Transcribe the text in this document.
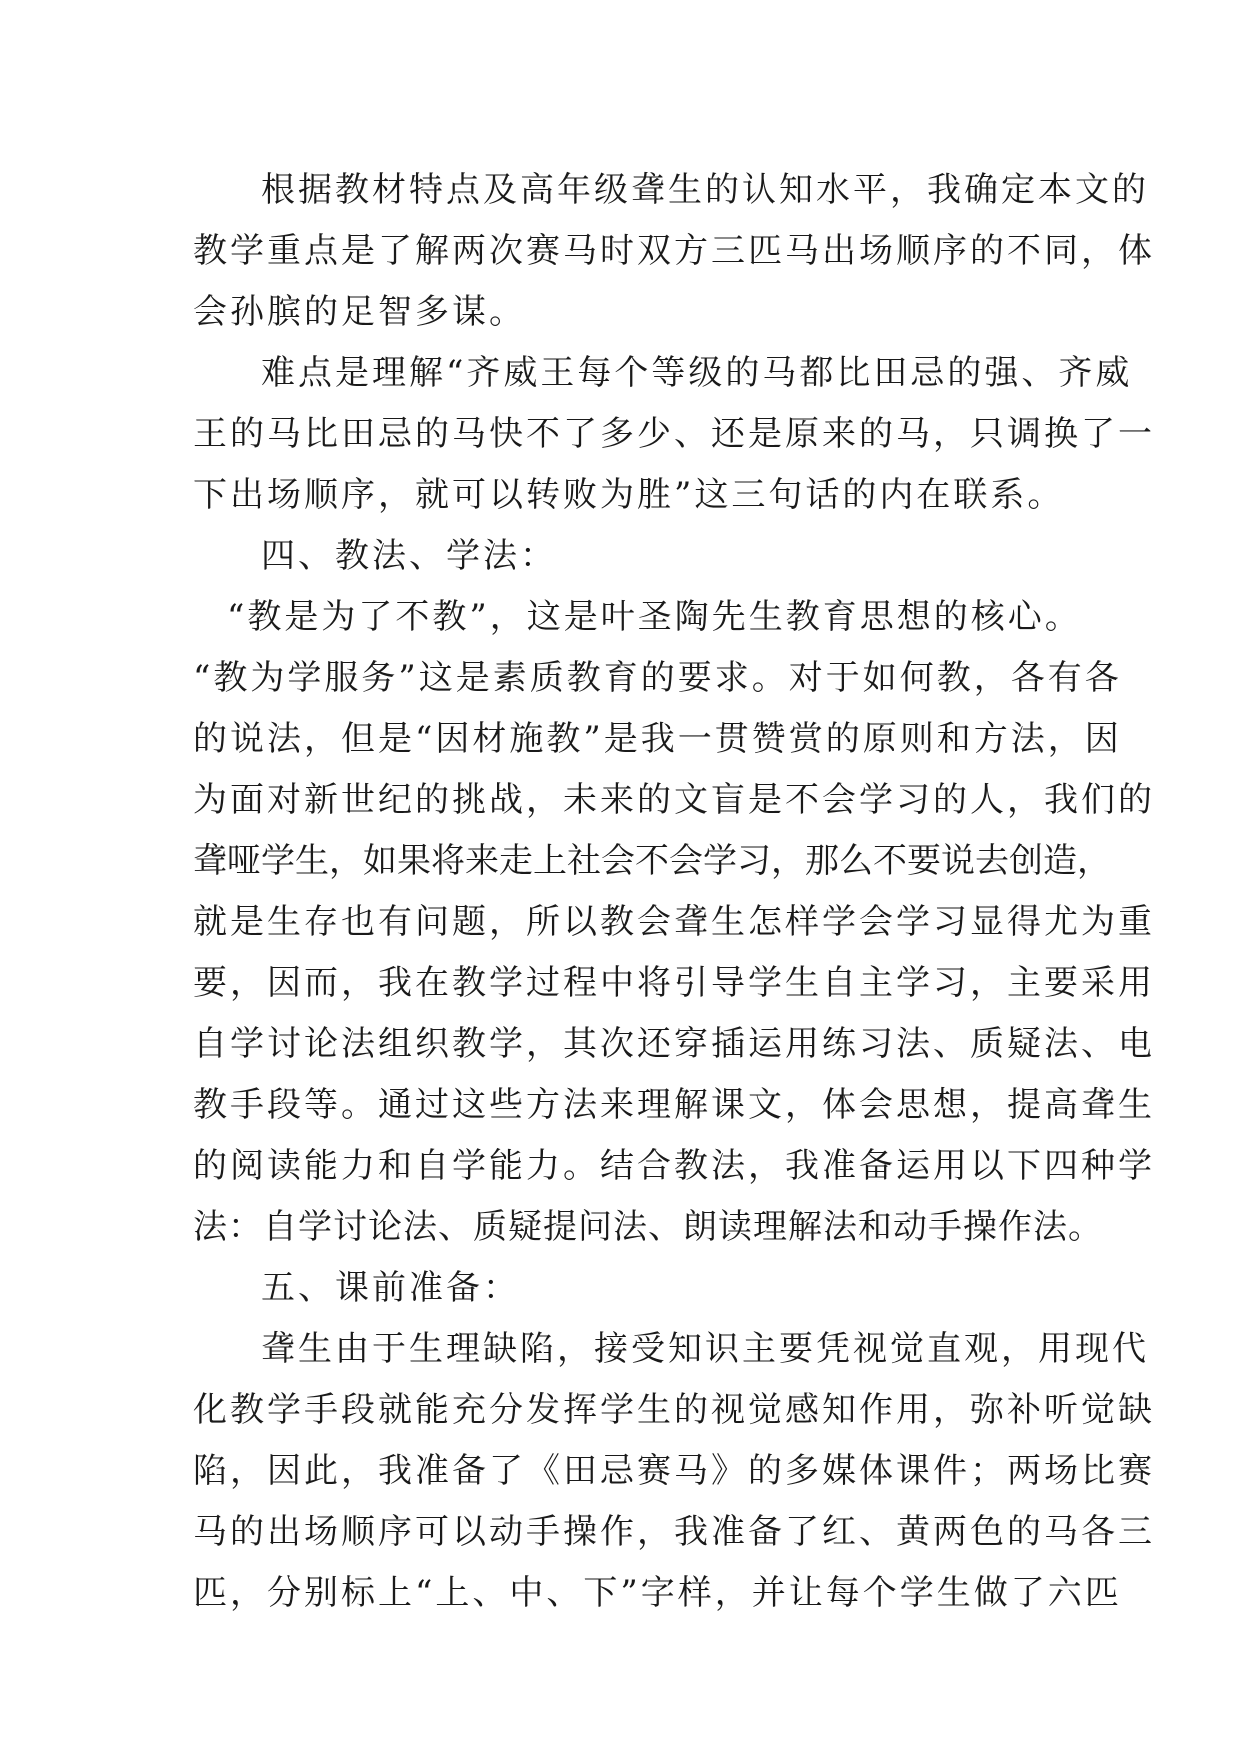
根据教材特点及高年级聋生的认知水平，我确定本文的
教学重点是了解两次赛马时双方三匹马出场顺序的不同，体
会孙膑的足智多谋。
难点是理解“齐威王每个等级的马都比田忌的强、齐威
王的马比田忌的马快不了多少、还是原来的马，只调换了一
下出场顺序，就可以转败为胜”这三句话的内在联系。
四、教法、学法：
“教是为了不教”，这是叶圣陶先生教育思想的核心。
“教为学服务”这是素质教育的要求。对于如何教，各有各
的说法，但是“因材施教”是我一贯赞赏的原则和方法，因
为面对新世纪的挑战，未来的文盲是不会学习的人，我们的
聋哑学生，如果将来走上社会不会学习，那么不要说去创造，
就是生存也有问题，所以教会聋生怎样学会学习显得尤为重
要，因而，我在教学过程中将引导学生自主学习，主要采用
自学讨论法组织教学，其次还穿插运用练习法、质疑法、电
教手段等。通过这些方法来理解课文，体会思想，提高聋生
的阅读能力和自学能力。结合教法，我准备运用以下四种学
法：自学讨论法、质疑提问法、朗读理解法和动手操作法。
五、课前准备：
聋生由于生理缺陷，接受知识主要凭视觉直观，用现代
化教学手段就能充分发挥学生的视觉感知作用，弥补听觉缺
陷，因此，我准备了《田忌赛马》的多媒体课件；两场比赛
马的出场顺序可以动手操作，我准备了红、黄两色的马各三
匹，分别标上“上、中、下”字样，并让每个学生做了六匹
